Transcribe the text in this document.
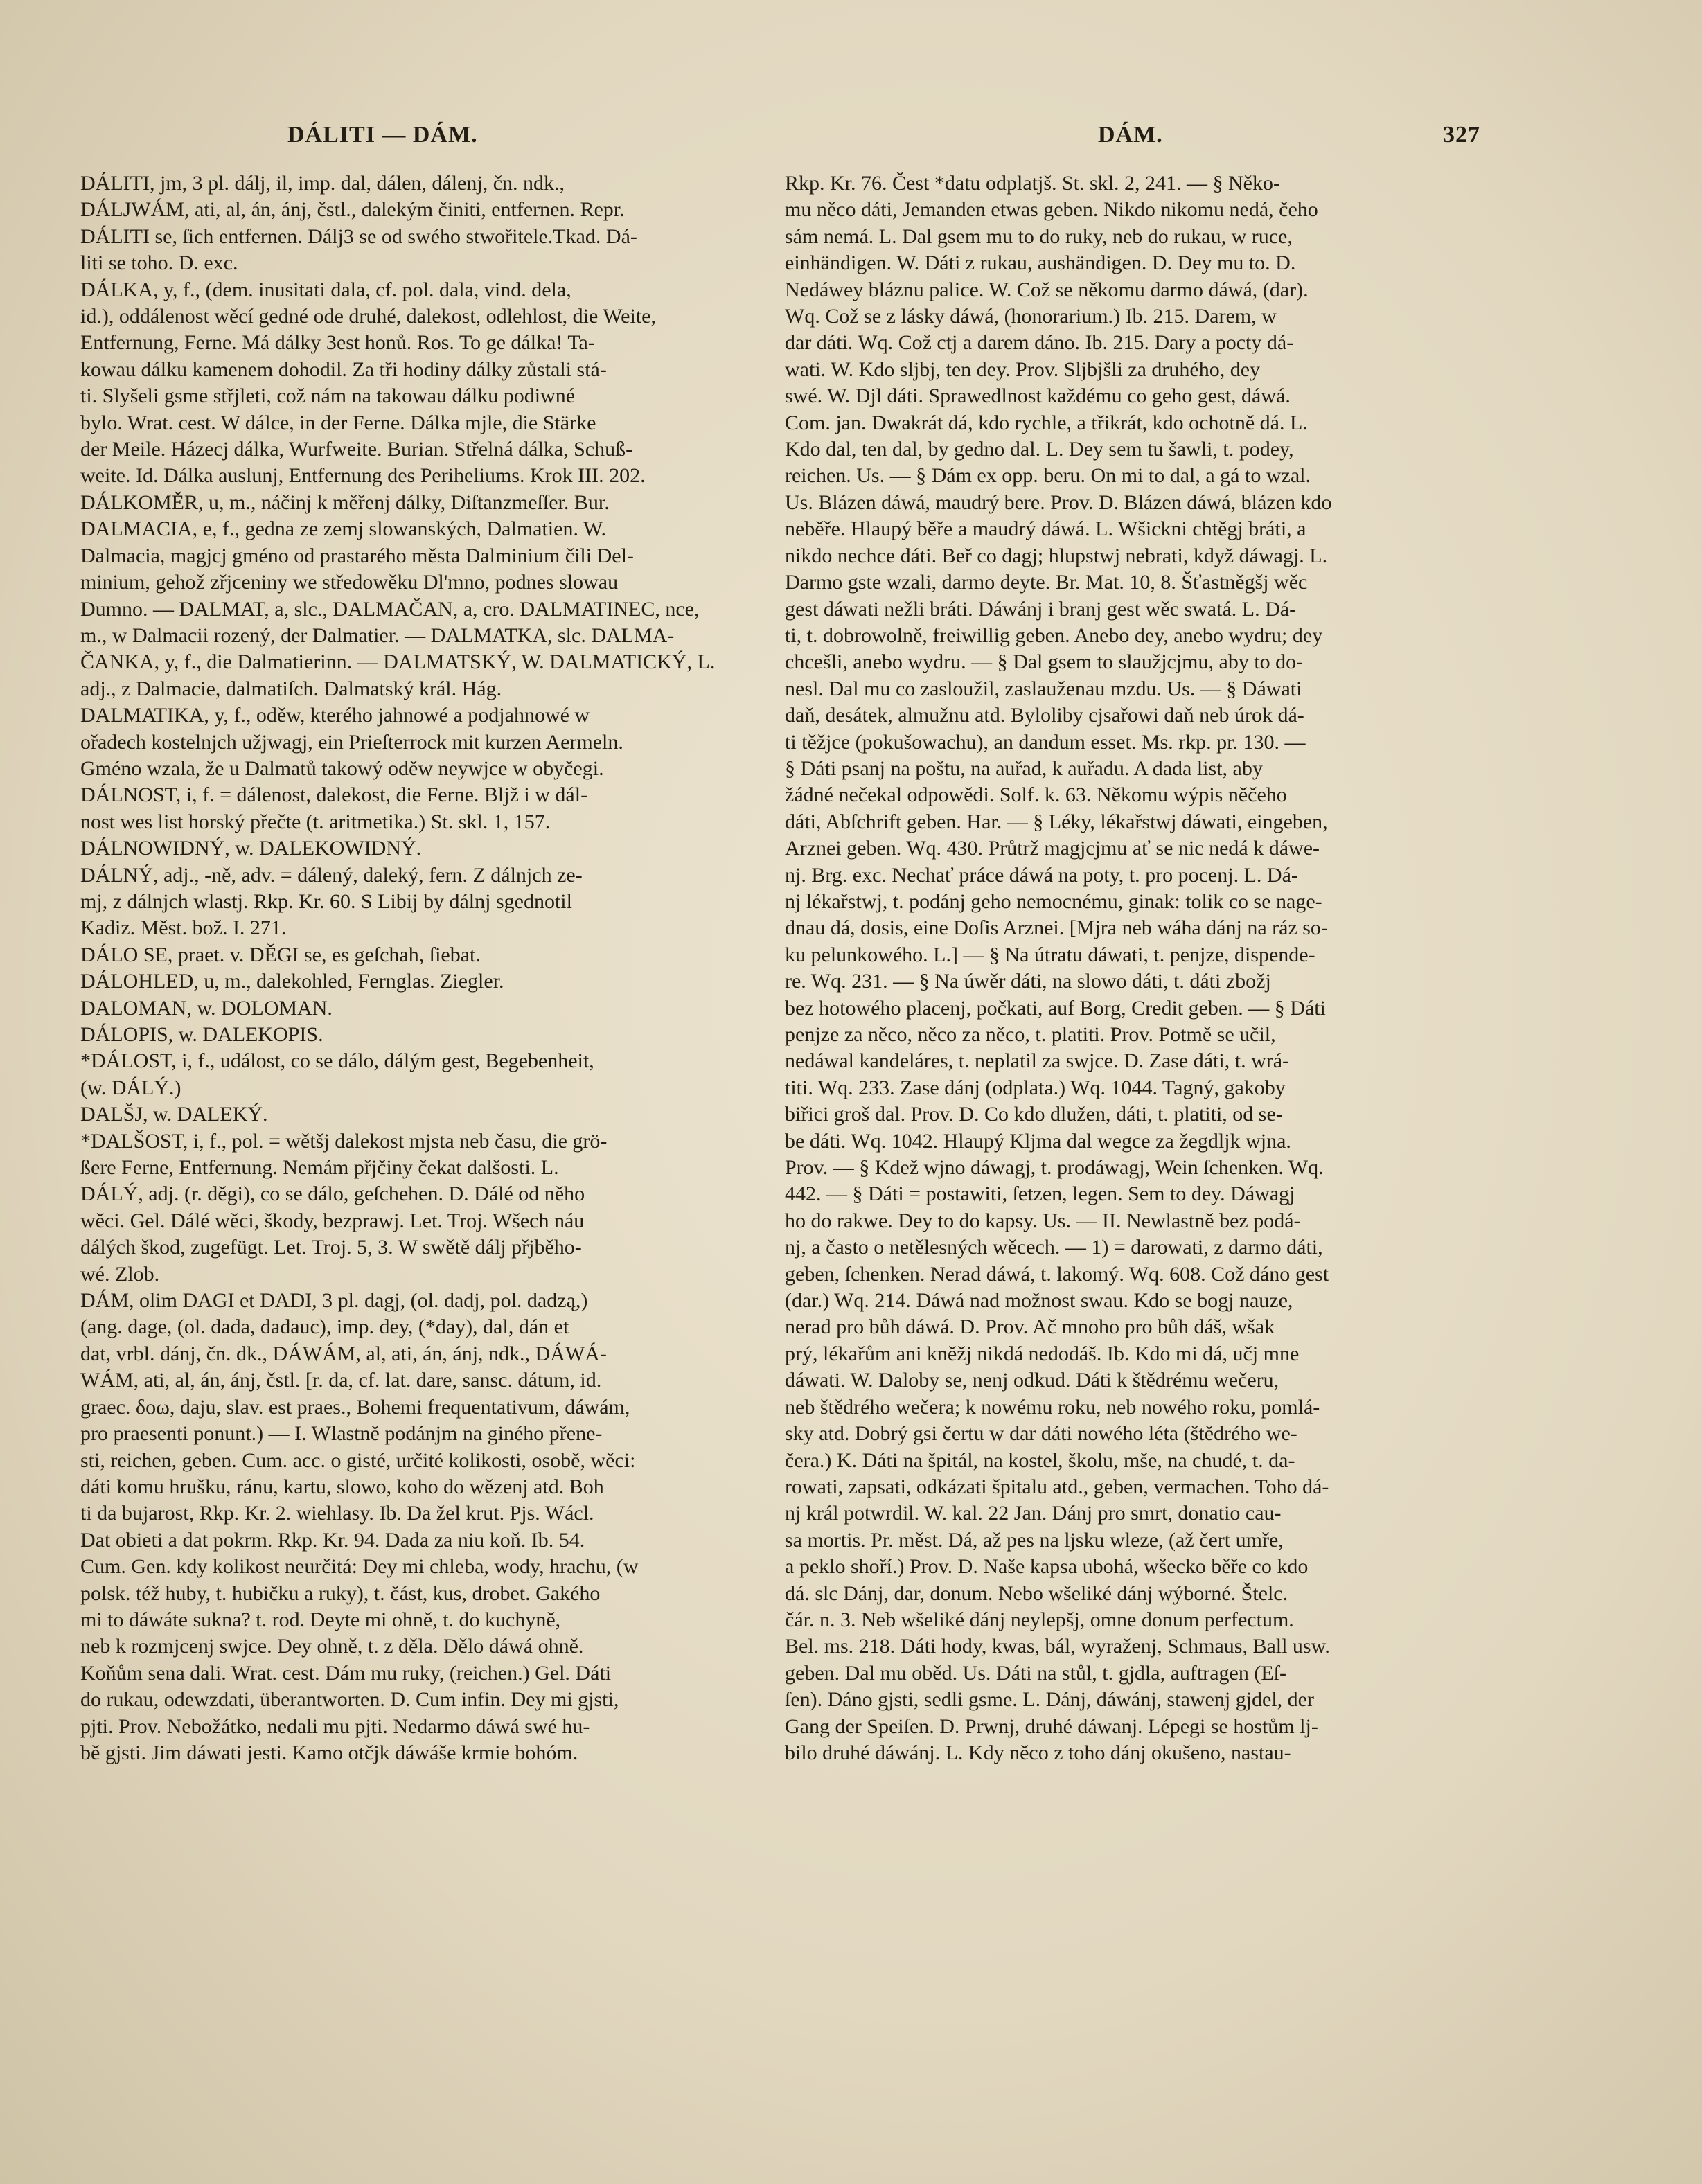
DÁLITI — DÁM.	DÁM.	327

DÁLITI, jm, 3 pl. dálj, il, imp. dal, dálen, dálenj, čn. ndk.,
DÁLJWÁM, ati, al, án, ánj, čstl., dalekým činiti, entfernen. Repr.
DÁLITI se, ſich entfernen. Dálj3 se od swého stwořitele.Tkad. Dá-
liti se toho. D. exc.

DÁLKA, y, f., (dem. inusitati dala, cf. pol. dala, vind. dela,
id.), oddálenost wěcí gedné ode druhé, dalekost, odlehlost, die Weite,
Entfernung, Ferne. Má dálky 3est honů. Ros. To ge dálka! Ta-
kowau dálku kamenem dohodil. Za tři hodiny dálky zůstali stá-
ti. Slyšeli gsme střjleti, což nám na takowau dálku podiwné
bylo. Wrat. cest. W dálce, in der Ferne. Dálka mjle, die Stärke
der Meile. Házecj dálka, Wurfweite. Burian. Střelná dálka, Schuß-
weite. Id. Dálka auslunj, Entfernung des Periheliums. Krok III. 202.

DÁLKOMĚR, u, m., náčinj k měřenj dálky, Diſtanzmeſſer. Bur.

DALMACIA, e, f., gedna ze zemj slowanských, Dalmatien. W.
Dalmacia, magjcj gméno od prastarého města Dalminium čili Del-
minium, gehož zřjceniny we středowěku Dl'mno, podnes slowau
Dumno. — DALMAT, a, slc., DALMAČAN, a, cro. DALMATINEC, nce,
m., w Dalmacii rozený, der Dalmatier. — DALMATKA, slc. DALMA-
ČANKA, y, f., die Dalmatierinn. — DALMATSKÝ, W. DALMATICKÝ, L.
adj., z Dalmacie, dalmatiſch. Dalmatský král. Hág.

DALMATIKA, y, f., oděw, kterého jahnowé a podjahnowé w
ořadech kostelnjch užjwagj, ein Prieſterrock mit kurzen Aermeln.
Gméno wzala, že u Dalmatů takowý oděw neywjce w obyčegi.

DÁLNOST, i, f. = dálenost, dalekost, die Ferne. Bljž i w dál-
nost wes list horský přečte (t. aritmetika.) St. skl. 1, 157.

DÁLNOWIDNÝ, w. DALEKOWIDNÝ.

DÁLNÝ, adj., -ně, adv. = dálený, daleký, fern. Z dálnjch ze-
mj, z dálnjch wlastj. Rkp. Kr. 60. S Libij by dálnj sgednotil
Kadiz. Měst. bož. I. 271.

DÁLO SE, praet. v. DĚGI se, es geſchah, ſiebat.

DÁLOHLED, u, m., dalekohled, Fernglas. Ziegler.

DALOMAN, w. DOLOMAN.

DÁLOPIS, w. DALEKOPIS.

*DÁLOST, i, f., událost, co se dálo, dálým gest, Begebenheit,
(w. DÁLÝ.)

DALŠJ, w. DALEKÝ.

*DALŠOST, i, f., pol. = wětšj dalekost mjsta neb času, die grö-
ßere Ferne, Entfernung. Nemám přjčiny čekat dalšosti. L.

DÁLÝ, adj. (r. děgi), co se dálo, geſchehen. D. Dálé od něho
wěci. Gel. Dálé wěci, škody, bezprawj. Let. Troj. Wšech náu
dálých škod, zugefügt. Let. Troj. 5, 3. W swětě dálj přjběho-
wé. Zlob.

DÁM, olim DAGI et DADI, 3 pl. dagj, (ol. dadj, pol. dadzą,)
(ang. dage, (ol. dada, dadauc), imp. dey, (*day), dal, dán et
dat, vrbl. dánj, čn. dk., DÁWÁM, al, ati, án, ánj, ndk., DÁWÁ-
WÁM, ati, al, án, ánj, čstl. [r. da, cf. lat. dare, sansc. dátum, id.
graec. δοω, daju, slav. est praes., Bohemi frequentativum, dáwám,
pro praesenti ponunt.) — I. Wlastně podánjm na giného přene-
sti, reichen, geben. Cum. acc. o gisté, určité kolikosti, osobě, wěci:
dáti komu hrušku, ránu, kartu, slowo, koho do wězenj atd. Boh
ti da bujarost, Rkp. Kr. 2. wiehlasy. Ib. Da žel krut. Pjs. Wácl.
Dat obieti a dat pokrm. Rkp. Kr. 94. Dada za niu koň. Ib. 54.
Cum. Gen. kdy kolikost neurčitá: Dey mi chleba, wody, hrachu, (w
polsk. též huby, t. hubičku a ruky), t. část, kus, drobet. Gakého
mi to dáwáte sukna? t. rod. Deyte mi ohně, t. do kuchyně,
neb k rozmjcenj swjce. Dey ohně, t. z děla. Dělo dáwá ohně.
Koňům sena dali. Wrat. cest. Dám mu ruky, (reichen.) Gel. Dáti
do rukau, odewzdati, überantworten. D. Cum infin. Dey mi gjsti,
pjti. Prov. Nebožátko, nedali mu pjti. Nedarmo dáwá swé hu-
bě gjsti. Jim dáwati jesti. Kamo otčjk dáwáše krmie bohóm.

Rkp. Kr. 76. Čest *datu odplatjš. St. skl. 2, 241. — § Někо-
mu něco dáti, Jemanden etwas geben. Nikdo nikomu nedá, čeho
sám nemá. L. Dal gsem mu to do ruky, neb do rukau, w ruce,
einhändigen. W. Dáti z rukau, aushändigen. D. Dey mu to. D.
Nedáwey bláznu palice. W. Což se někomu darmo dáwá, (dar).
Wq. Což se z lásky dáwá, (honorarium.) Ib. 215. Darem, w
dar dáti. Wq. Což ctj a darem dáno. Ib. 215. Dary a pocty dá-
wati. W. Kdo sljbj, ten dey. Prov. Sljbjšli za druhého, dey
swé. W. Djl dáti. Sprawedlnost každému co geho gest, dáwá.
Com. jan. Dwakrát dá, kdo rychle, a třikrát, kdo ochotně dá. L.
Kdo dal, ten dal, by gedno dal. L. Dey sem tu šawli, t. podey,
reichen. Us. — § Dám ex opp. beru. On mi to dal, a gá to wzal.
Us. Blázen dáwá, maudrý bere. Prov. D. Blázen dáwá, blázen kdo
neběře. Hlaupý běře a maudrý dáwá. L. Wšickni chtěgj bráti, a
nikdo nechce dáti. Beř co dagj; hlupstwj nebrati, když dáwagj. L.
Darmo gste wzali, darmo deyte. Br. Mat. 10, 8. Šťastněgšj wěc
gest dáwati nežli bráti. Dáwánj i branj gest wěc swatá. L. Dá-
ti, t. dobrowolně, freiwillig geben. Anebo dey, anebo wydru; dey
chcešli, anebo wydru. — § Dal gsem to slaužjcjmu, aby to do-
nesl. Dal mu co zasloužil, zaslauženau mzdu. Us. — § Dáwati
daň, desátek, almužnu atd. Byloliby cjsařowi daň neb úrok dá-
ti těžjce (pokušowachu), an dandum esset. Ms. rkp. pr. 130. —
§ Dáti psanj na poštu, na auřad, k auřadu. A dada list, aby
žádné nečekal odpowědi. Solf. k. 63. Někomu wýpis něčeho
dáti, Abſchrift geben. Har. — § Léky, lékařstwj dáwati, eingeben,
Arznei geben. Wq. 430. Průtrž magjcjmu ať se nic nedá k dáwe-
nj. Brg. exc. Nechať práce dáwá na poty, t. pro pocenj. L. Dá-
nj lékařstwj, t. podánj geho nemocnému, ginak: tolik co se nage-
dnau dá, dosis, eine Doſis Arznei. [Mjra neb wáha dánj na ráz so-
ku pelunkowého. L.] — § Na útratu dáwati, t. penjze, dispende-
re. Wq. 231. — § Na úwěr dáti, na slowo dáti, t. dáti zbožj
bez hotowého placenj, počkati, auf Borg, Credit geben. — § Dáti
penjze za něco, něco za něco, t. platiti. Prov. Potmě se učil,
nedáwal kandeláres, t. neplatil za swjce. D. Zase dáti, t. wrá-
titi. Wq. 233. Zase dánj (odplata.) Wq. 1044. Tagný, gakoby
biřici groš dal. Prov. D. Co kdo dlužen, dáti, t. platiti, od se-
be dáti. Wq. 1042. Hlaupý Kljma dal wegce za žegdljk wjna.
Prov. — § Kdež wjno dáwagj, t. prodáwagj, Wein ſchenken. Wq.
442. — § Dáti = postawiti, ſetzen, legen. Sem to dey. Dáwagj
ho do rakwe. Dey to do kapsy. Us. — II. Newlastně bez podá-
nj, a často o netělesných wěcech. — 1) = darowati, z darmo dáti,
geben, ſchenken. Nerad dáwá, t. lakomý. Wq. 608. Což dáno gest
(dar.) Wq. 214. Dáwá nad možnost swau. Kdo se bogj nauze,
nerad pro bůh dáwá. D. Prov. Ač mnoho pro bůh dáš, wšak
prý, lékařům ani kněžj nikdá nedodáš. Ib. Kdo mi dá, učj mne
dáwati. W. Daloby se, nenj odkud. Dáti k štědrému wečeru,
neb štědrého wečera; k nowému roku, neb nowého roku, pomlá-
sky atd. Dobrý gsi čertu w dar dáti nowého léta (štědrého we-
čera.) K. Dáti na špitál, na kostel, školu, mše, na chudé, t. da-
rowati, zapsati, odkázati špitalu atd., geben, vermachen. Toho dá-
nj král potwrdil. W. kal. 22 Jan. Dánj pro smrt, donatio cau-
sa mortis. Pr. měst. Dá, až pes na ljsku wleze, (až čert umře,
a peklo shoří.) Prov. D. Naše kapsa ubohá, wšecko běře co kdo
dá. slc Dánj, dar, donum. Nebo wšeliké dánj wýborné. Štelc.
čár. n. 3. Neb wšeliké dánj neylepšj, omne donum perfectum.
Bel. ms. 218. Dáti hody, kwas, bál, wyraženj, Schmaus, Ball usw.
geben. Dal mu oběd. Us. Dáti na stůl, t. gjdla, auftragen (Eſ-
ſen). Dáno gjsti, sedli gsme. L. Dánj, dáwánj, stawenj gjdel, der
Gang der Speiſen. D. Prwnj, druhé dáwanj. Lépegi se hostům lj-
bilo druhé dáwánj. L. Kdy něco z toho dánj okušeno, nastau-
